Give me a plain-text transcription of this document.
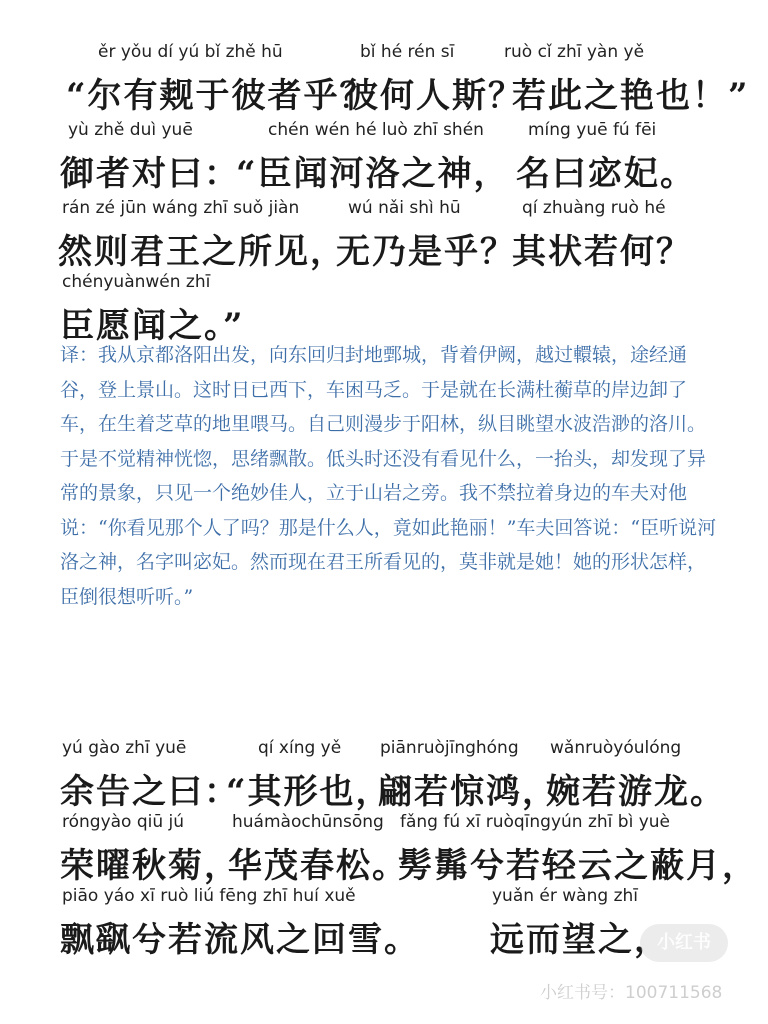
ěr yǒu dí yú bǐ zhě hū
“尔有觌于彼者乎？
bǐ hé rén sī
彼何人斯？
ruò cǐ zhī yàn yě
若此之艳也！”
yù zhě duì yuē
御者对曰：
chén wén hé luò zhī shén
“臣闻河洛之神，
míng yuē fú fēi
名曰宓妃。
rán zé jūn wáng zhī suǒ jiàn
然则君王之所见，
wú nǎi shì hū
无乃是乎？
qí zhuàng ruò hé
其状若何？
chényuànwén zhī
臣愿闻之。”
译：我从京都洛阳出发，向东回归封地鄄城，背着伊阙，越过轘辕，途经通谷，登上景山。这时日已西下，车困马乏。于是就在长满杜蘅草的岸边卸了车，在生着芝草的地里喂马。自己则漫步于阳林，纵目眺望水波浩渺的洛川。于是不觉精神恍惚，思绪飘散。低头时还没有看见什么，一抬头，却发现了异常的景象，只见一个绝妙佳人，立于山岩之旁。我不禁拉着身边的车夫对他说：“你看见那个人了吗？那是什么人，竟如此艳丽！”车夫回答说：“臣听说河洛之神，名字叫宓妃。然而现在君王所看见的，莫非就是她！她的形状怎样，臣倒很想听听。”
yú gào zhī yuē
余告之曰：
qí xíng yě
“其形也，
piānruòjīnghóng
翩若惊鸿，
wǎnruòyóulóng
婉若游龙。
róngyào qiū jú
荣曜秋菊，
huámàochūnsōng
华茂春松。
fǎng fú xī ruòqīngyún zhī bì yuè
髣髴兮若轻云之蔽月，
piāo yáo xī ruò liú fēng zhī huí xuě
飘飖兮若流风之回雪。
yuǎn ér wàng zhī
远而望之，
小红书
小红书号：100711568
